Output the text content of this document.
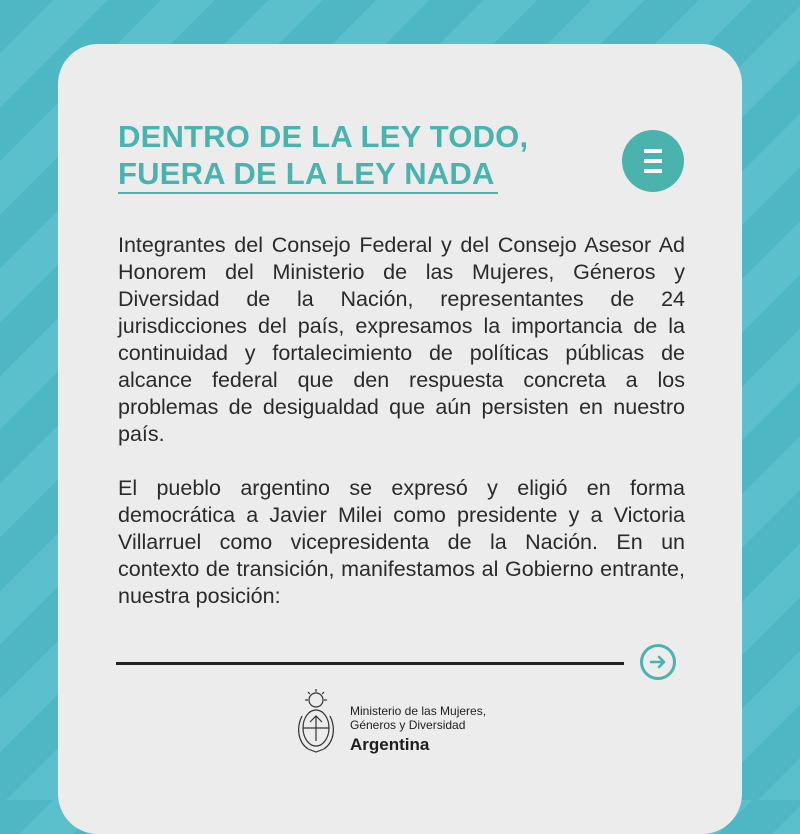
DENTRO DE LA LEY TODO,
FUERA DE LA LEY NADA

Integrantes del Consejo Federal y del Consejo Asesor Ad Honorem del Ministerio de las Mujeres, Géneros y Diversidad de la Nación, representantes de 24 jurisdicciones del país, expresamos la importancia de la continuidad y fortalecimiento de políticas públicas de alcance federal que den respuesta concreta a los problemas de desigualdad que aún persisten en nuestro país.

El pueblo argentino se expresó y eligió en forma democrática a Javier Milei como presidente y a Victoria Villarruel como vicepresidenta de la Nación. En un contexto de transición, manifestamos al Gobierno entrante, nuestra posición:

Ministerio de las Mujeres,
Géneros y Diversidad
Argentina
